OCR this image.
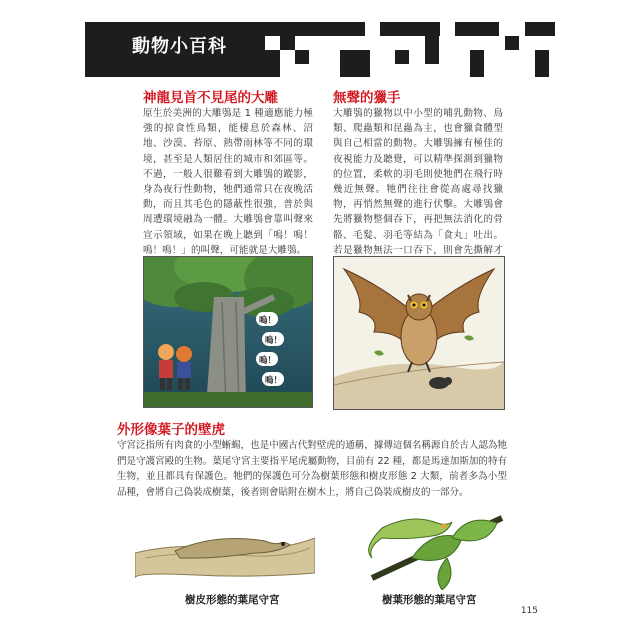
動物小百科
神龍見首不見尾的大雕
原生於美洲的大雕鴞是 1 種適應能力極強的掠食性鳥類，能棲息於森林、沼地、沙漠、苔原、熱帶雨林等不同的環境，甚至是人類居住的城市和郊區等。不過，一般人很難看到大雕鴞的蹤影，身為夜行性動物，牠們通常只在夜晚活動，而且其毛色的隱蔽性很強，普於與周遭環境融為一體。大雕鴞會靠叫聲來宣示領域，如果在晚上聽到「鳴！鳴！鳴！鳴！」的叫聲，可能就是大雕鴞。
無聲的獵手
大雕鴞的獵物以中小型的哺乳動物、鳥類、爬蟲類和昆蟲為主，也會獵食體型與自己相當的動物。大雕鴞擁有極佳的夜視能力及聽覺，可以精準探測到獵物的位置，柔軟的羽毛則使牠們在飛行時幾近無聲。牠們往往會從高處尋找獵物，再悄然無聲的進行伏擊。大雕鴞會先將獵物整個吞下，再把無法消化的骨骼、毛髮、羽毛等結為「食丸」吐出。若是獵物無法一口吞下，則會先撕解才
嗚！
嗚！
嗚！
嗚！
外形像葉子的壁虎
守宮泛指所有肉食的小型蜥蜴，也是中國古代對壁虎的通稱，據傳這個名稱源自於古人認為牠們是守護宮殿的生物。葉尾守宮主要指平尾虎屬動物，目前有 22 種，都是馬達加斯加的特有生物，並且都具有保護色。牠們的保護色可分為樹葉形態和樹皮形態 2 大類，前者多為小型品種，會將自己偽裝成樹葉，後者則會貼附在樹木上，將自己偽裝成樹皮的一部分。
樹皮形態的葉尾守宮	樹葉形態的葉尾守宮
115
